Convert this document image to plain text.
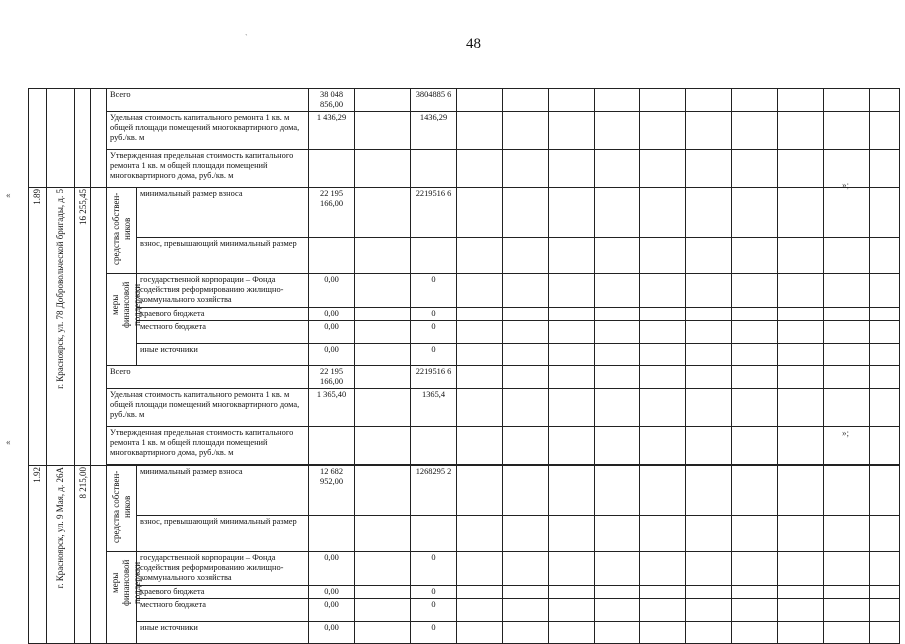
48
`
«
«
»;
»;
				Всего		38 048 856,00		3804885 6										
				Удельная стоимость капитального ремонта 1 кв. м общей площади помещений многоквартирного дома, руб./кв. м		1 436,29		1436,29										
				Утвержденная предельная стоимость капитального ремонта 1 кв. м общей площади помещений многоквартирного дома, руб./кв. м														
1.89	г. Красноярск, ул. 78 Добровольческой бригады, д. 5	16 255,45		средства собствен-ников	минимальный размер взноса	22 195 166,00		2219516 6										
					взнос, превышающий минимальный размер													
				меры финансовой поддержки	государственной корпорации – Фонда содействия реформированию жилищно-коммунального хозяйства	0,00		0										
					краевого бюджета	0,00		0										
					местного бюджета	0,00		0										
					иные источники	0,00		0										
				Всего		22 195 166,00		2219516 6										
				Удельная стоимость капитального ремонта 1 кв. м общей площади помещений многоквартирного дома, руб./кв. м		1 365,40		1365,4										
				Утвержденная предельная стоимость капитального ремонта 1 кв. м общей площади помещений многоквартирного дома, руб./кв. м														

1.92	г. Красноярск, ул. 9 Мая, д. 26А	8 215,00		средства собствен-ников	минимальный размер взноса	12 682 952,00		1268295 2										
					взнос, превышающий минимальный размер													
				меры финансовой поддержки	государственной корпорации – Фонда содействия реформированию жилищно-коммунального хозяйства	0,00		0										
					краевого бюджета	0,00		0										
					местного бюджета	0,00		0										
					иные источники	0,00		0										
